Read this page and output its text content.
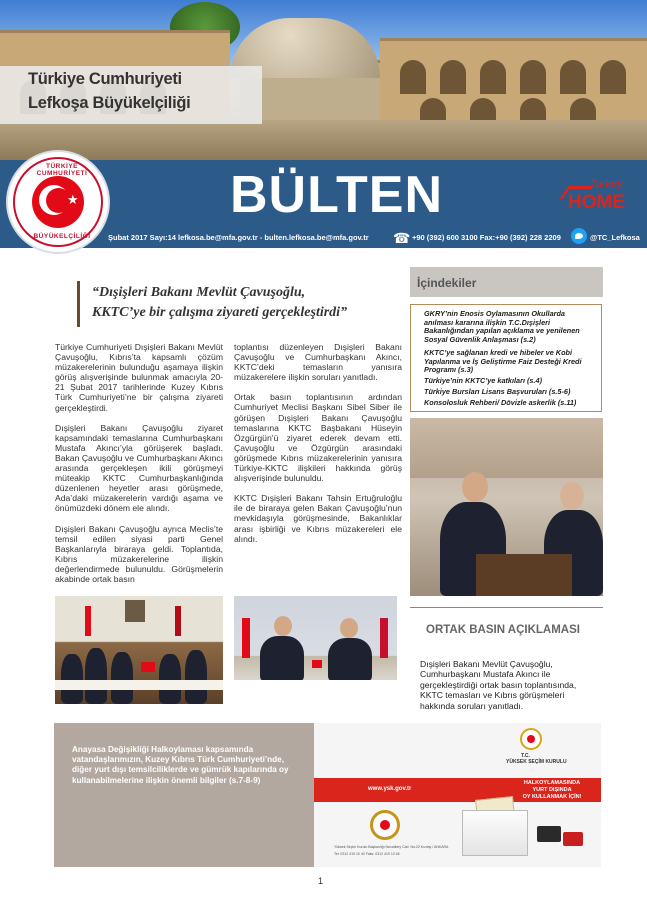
Türkiye Cumhuriyeti
Lefkoşa Büyükelçiliği
BÜLTEN	Turkey
HOME
Şubat 2017 Sayı:14 lefkosa.be@mfa.gov.tr - bulten.lefkosa.be@mfa.gov.tr ☎ +90 (392) 600 3100 Fax:+90 (392) 228 2209	@TC_Lefkosa
★
TÜRKİYE CUMHURİYETİ
BÜYÜKELÇİLİĞİ
“Dışişleri Bakanı Mevlüt Çavuşoğlu,
KKTC’ye bir çalışma ziyareti gerçekleştirdi”

Türkiye Cumhuriyeti Dışişleri Bakanı Mevlüt Çavuşoğlu, Kıbrıs’ta kapsamlı çözüm müzakerelerinin bulunduğu aşamaya ilişkin görüş alışverişinde bulunmak amacıyla 20-21 Şubat 2017 tarihlerinde Kuzey Kıbrıs Türk Cumhuriyeti’ne bir çalışma ziyareti gerçekleştirdi.

Dışişleri Bakanı Çavuşoğlu ziyaret kapsamındaki temaslarına Cumhurbaşkanı Mustafa Akıncı’yla görüşerek başladı. Bakan Çavuşoğlu ve Cumhurbaşkanı Akıncı arasında gerçekleşen ikili görüşmeyi müteakip KKTC Cumhurbaşkanlığında düzenlenen heyetler arası görüşmede, Ada’daki müzakerelerin vardığı aşama ve önümüzdeki dönem ele alındı.

Dışişleri Bakanı Çavuşoğlu ayrıca Meclis’te temsil edilen siyasi parti Genel Başkanlarıyla biraraya geldi. Toplantıda, Kıbrıs müzakerelerine ilişkin değerlendirmede bulunuldu. Görüşmelerin akabinde ortak basın

toplantısı düzenleyen Dışişleri Bakanı Çavuşoğlu ve Cumhurbaşkanı Akıncı, KKTC’deki temasların yanısıra müzakerelere ilişkin soruları yanıtladı.

Ortak basın toplantısının ardından Cumhuriyet Meclisi Başkanı Sibel Siber ile görüşen Dışişleri Bakanı Çavuşoğlu temaslarına KKTC Başbakanı Hüseyin Özgürgün’ü ziyaret ederek devam etti. Çavuşoğlu ve Özgürgün arasındaki görüşmede Kıbrıs müzakerelerinin yanısıra Türkiye-KKTC ilişkileri hakkında görüş alışverişinde bulunuldu.

KKTC Dışişleri Bakanı Tahsin Ertuğruloğlu ile de biraraya gelen Bakan Çavuşoğlu’nun mevkidaşıyla görüşmesinde, Bakanlıklar arası işbirliği ve Kıbrıs müzakereleri ele alındı.

İçindekiler
GKRY’nin Enosis Oylamasının Okullarda anılması kararına ilişkin T.C.Dışişleri Bakanlığından yapılan açıklama ve yenilenen Sosyal Güvenlik Anlaşması (s.2)
KKTC’ye sağlanan kredi ve hibeler ve Kobi Yapılanma ve İş Geliştirme Faiz Desteği Kredi Programı (s.3)
Türkiye’nin KKTC’ye katkıları (s.4)
Türkiye Bursları Lisans Başvuruları (s.5-6)
Konsolosluk Rehberi/ Dövizle askerlik (s.11)
ORTAK BASIN AÇIKLAMASI
Dışişleri Bakanı Mevlüt Çavuşoğlu, Cumhurbaşkanı Mustafa Akıncı ile gerçekleştirdiği ortak basın toplantısında, KKTC temasları ve Kıbrıs görüşmeleri hakkında soruları yanıtladı.
Anayasa Değişikliği Halkoylaması kapsamında vatandaşlarımızın, Kuzey Kıbrıs Türk Cumhuriyeti’nde, diğer yurt dışı temsilciliklerde ve gümrük kapılarında oy kullanabilmelerine ilişkin önemli bilgiler (s.7-8-9)
T.C.
YÜKSEK SEÇİM KURULU
www.ysk.gov.tr
HALKOYLAMASINDA
YURT DIŞINDA
OY KULLANMAK İÇİN!
Yüksek Seçim Kurulu Başkanlığı Necatibey Cad. No:22 Kızılay / ANKARA
Tel: 0312 419 10 40 Faks: 0312 419 10 46
1
